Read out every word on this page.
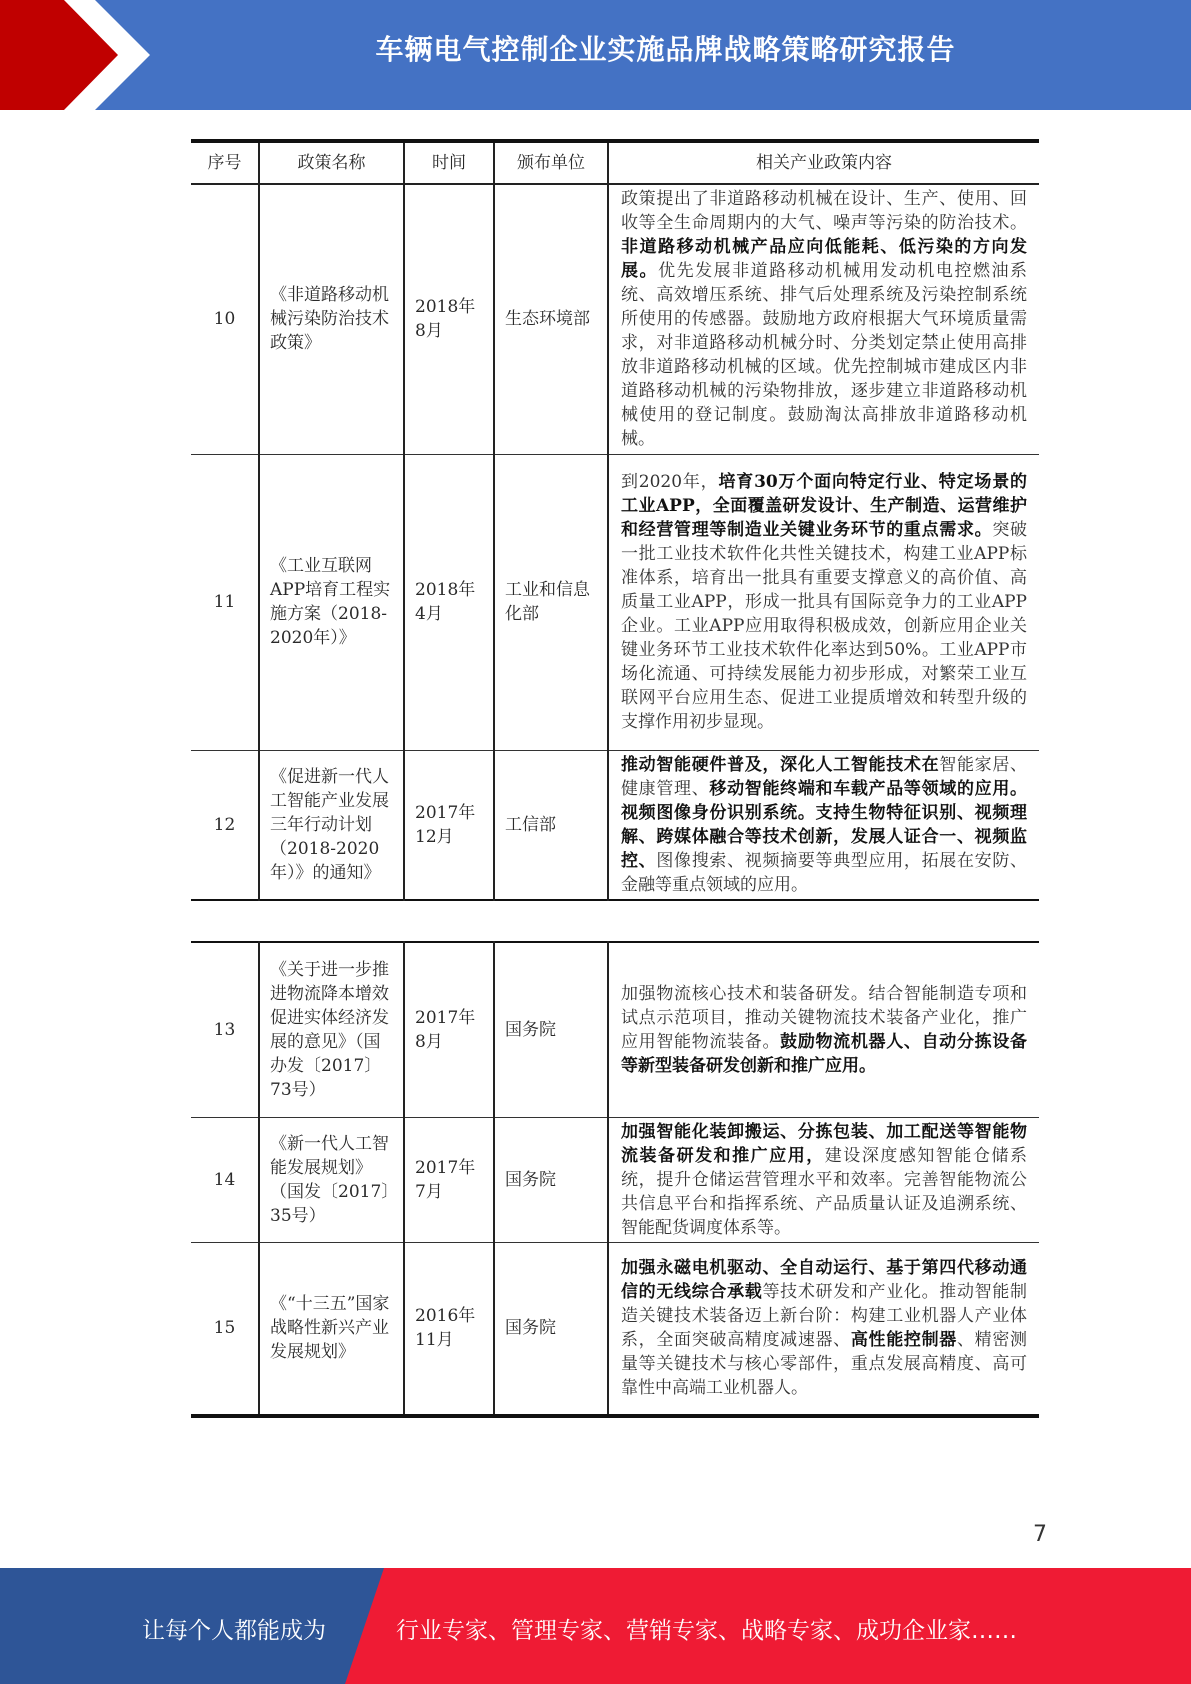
车辆电气控制企业实施品牌战略策略研究报告
序号	政策名称	时间	颁布单位	相关产业政策内容
10	《非道路移动机械污染防治技术政策》	2018年8月	生态环境部	政策提出了非道路移动机械在设计、生产、使用、回收等全生命周期内的大气、噪声等污染的防治技术。非道路移动机械产品应向低能耗、低污染的方向发展。优先发展非道路移动机械用发动机电控燃油系统、高效增压系统、排气后处理系统及污染控制系统所使用的传感器。鼓励地方政府根据大气环境质量需求，对非道路移动机械分时、分类划定禁止使用高排放非道路移动机械的区域。优先控制城市建成区内非道路移动机械的污染物排放，逐步建立非道路移动机械使用的登记制度。鼓励淘汰高排放非道路移动机械。
11	《工业互联网APP培育工程实施方案（2018-2020年）》	2018年4月	工业和信息化部	到2020年，培育30万个面向特定行业、特定场景的工业APP，全面覆盖研发设计、生产制造、运营维护和经营管理等制造业关键业务环节的重点需求。突破一批工业技术软件化共性关键技术，构建工业APP标准体系，培育出一批具有重要支撑意义的高价值、高质量工业APP，形成一批具有国际竞争力的工业APP企业。工业APP应用取得积极成效，创新应用企业关键业务环节工业技术软件化率达到50%。工业APP市场化流通、可持续发展能力初步形成，对繁荣工业互联网平台应用生态、促进工业提质增效和转型升级的支撑作用初步显现。
12	《促进新一代人工智能产业发展三年行动计划（2018-2020年）》的通知》	2017年12月	工信部	推动智能硬件普及，深化人工智能技术在智能家居、健康管理、移动智能终端和车载产品等领域的应用。视频图像身份识别系统。支持生物特征识别、视频理解、跨媒体融合等技术创新，发展人证合一、视频监控、图像搜索、视频摘要等典型应用，拓展在安防、金融等重点领域的应用。
13	《关于进一步推进物流降本增效促进实体经济发展的意见》（国办发〔2017〕73号）	2017年8月	国务院	加强物流核心技术和装备研发。结合智能制造专项和试点示范项目，推动关键物流技术装备产业化，推广应用智能物流装备。鼓励物流机器人、自动分拣设备等新型装备研发创新和推广应用。
14	《新一代人工智能发展规划》（国发〔2017〕35号）	2017年7月	国务院	加强智能化装卸搬运、分拣包装、加工配送等智能物流装备研发和推广应用，建设深度感知智能仓储系统，提升仓储运营管理水平和效率。完善智能物流公共信息平台和指挥系统、产品质量认证及追溯系统、智能配货调度体系等。
15	《“十三五”国家战略性新兴产业发展规划》	2016年11月	国务院	加强永磁电机驱动、全自动运行、基于第四代移动通信的无线综合承载等技术研发和产业化。推动智能制造关键技术装备迈上新台阶：构建工业机器人产业体系，全面突破高精度减速器、高性能控制器、精密测量等关键技术与核心零部件，重点发展高精度、高可靠性中高端工业机器人。
7
让每个人都能成为	行业专家、管理专家、营销专家、战略专家、成功企业家……
